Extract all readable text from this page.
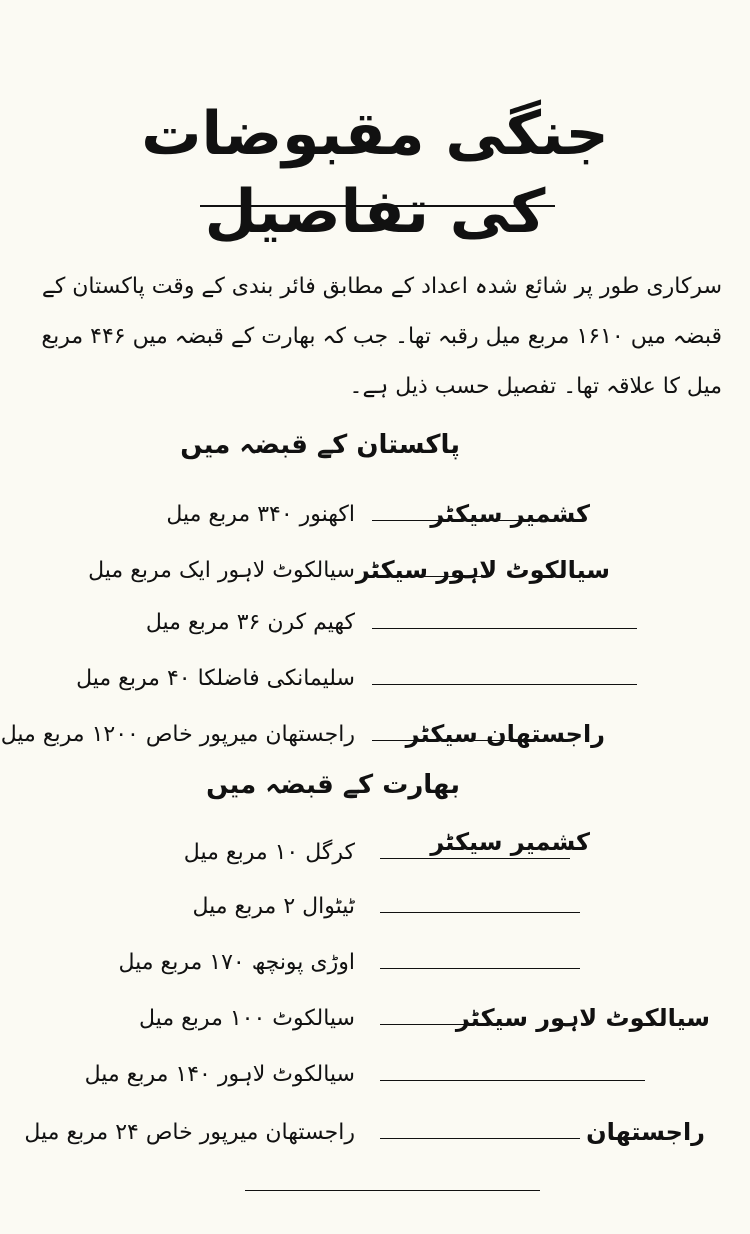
جنگی مقبوضات کی تفاصیل
سرکاری طور پر شائع شدہ اعداد کے مطابق فائر بندی کے وقت پاکستان کے قبضہ میں ۱۶۱۰ مربع میل رقبہ تھا۔ جب کہ بھارت کے قبضہ میں ۴۴۶ مربع میل کا علاقہ تھا۔ تفصیل حسب ذیل ہے۔
پاکستان کے قبضہ میں
کشمیر سیکٹر
اکھنور ۳۴۰ مربع میل
سیالکوٹ لاہور سیکٹر
سیالکوٹ لاہور ایک مربع میل
کھیم کرن ۳۶ مربع میل
سلیمانکی فاضلکا ۴۰ مربع میل
راجستھان سیکٹر
راجستھان میرپور خاص ۱۲۰۰ مربع میل
بھارت کے قبضہ میں
کشمیر سیکٹر
کرگل ۱۰ مربع میل
ٹیٹوال ۲ مربع میل
اوڑی پونچھ ۱۷۰ مربع میل
سیالکوٹ لاہور سیکٹر
سیالکوٹ ۱۰۰ مربع میل
سیالکوٹ لاہور ۱۴۰ مربع میل
راجستھان
راجستھان میرپور خاص ۲۴ مربع میل
